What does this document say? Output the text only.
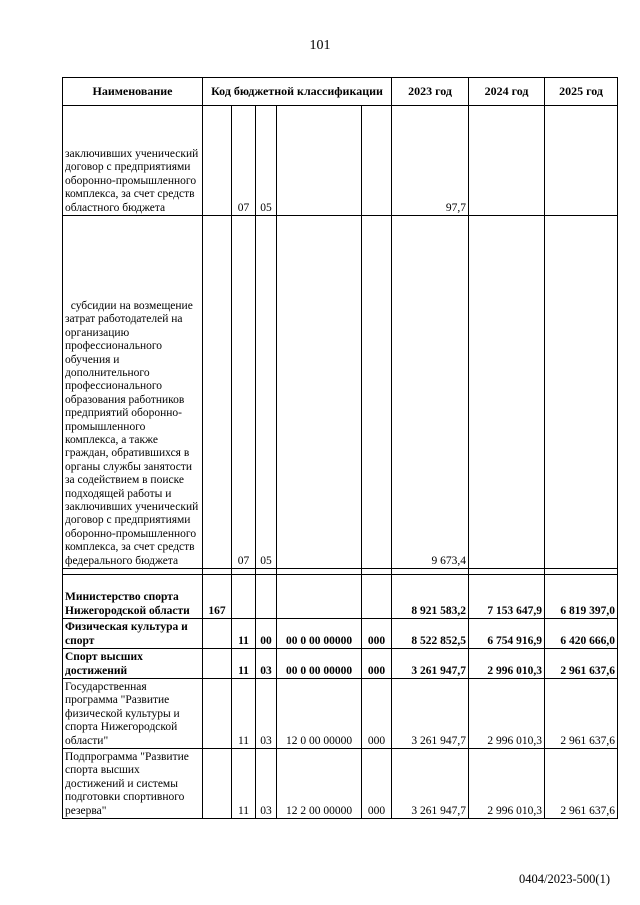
101
Наименование	Код бюджетной классификации					2023 год	2024 год	2025 год
заключивших ученический договор с предприятиями оборонно-промышленного комплекса, за счет средств областного бюджета		07	05			97,7		
субсидии на возмещение затрат работодателей на организацию профессионального обучения и дополнительного профессионального образования работников предприятий оборонно-промышленного комплекса, а также граждан, обратившихся в органы службы занятости за содействием в поиске подходящей работы и заключивших ученический договор с предприятиями оборонно-промышленного комплекса, за счет средств федерального бюджета		07	05			9 673,4		

Министерство спорта Нижегородской области	167					8 921 583,2	7 153 647,9	6 819 397,0
Физическая культура и спорт		11	00	00 0 00 00000	000	8 522 852,5	6 754 916,9	6 420 666,0
Спорт высших достижений		11	03	00 0 00 00000	000	3 261 947,7	2 996 010,3	2 961 637,6
Государственная программа "Развитие физической культуры и спорта Нижегородской области"		11	03	12 0 00 00000	000	3 261 947,7	2 996 010,3	2 961 637,6
Подпрограмма "Развитие спорта высших достижений и системы подготовки спортивного резерва"		11	03	12 2 00 00000	000	3 261 947,7	2 996 010,3	2 961 637,6
0404/2023-500(1)
